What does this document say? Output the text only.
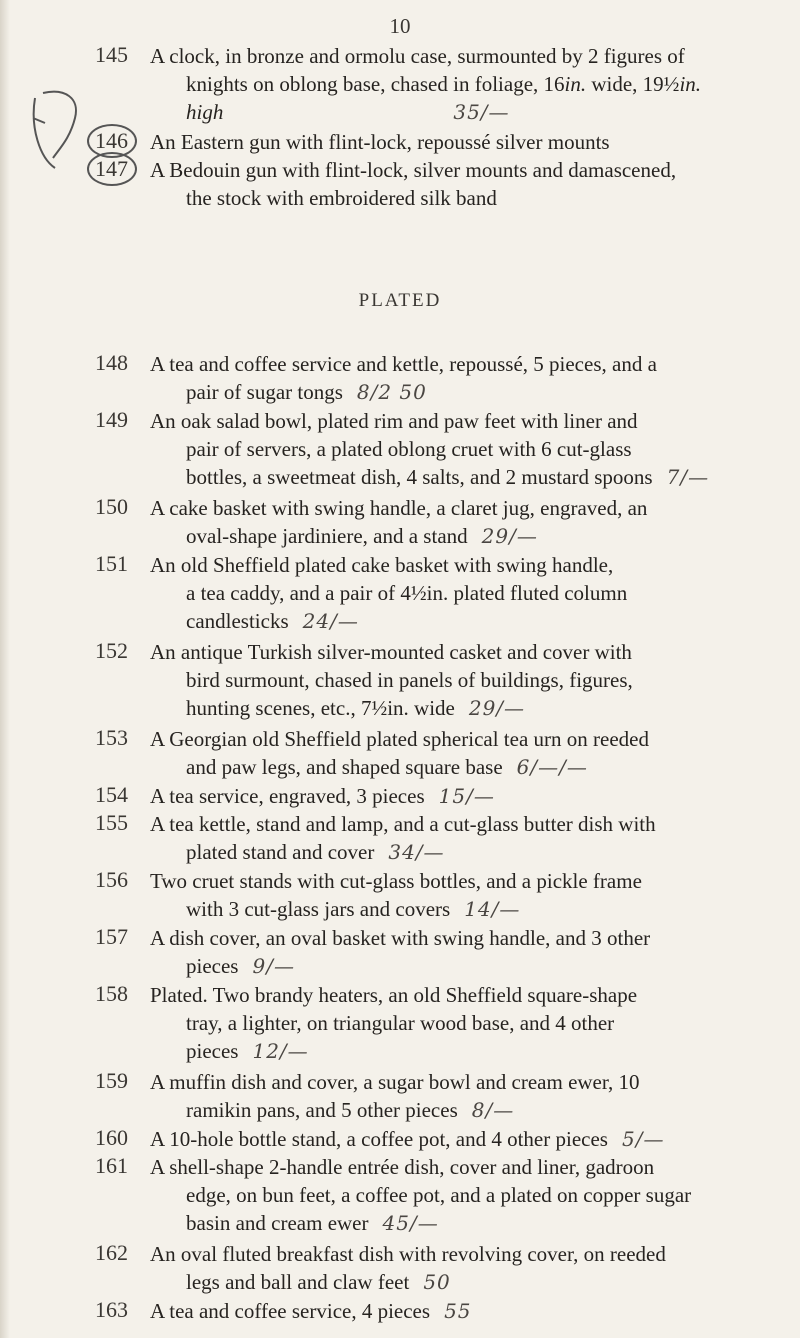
10
145	A clock, in bronze and ormolu case, surmounted by 2 figures of
knights on oblong base, chased in foliage, 16in. wide, 19½in.
high	35/—
146	An Eastern gun with flint-lock, repoussé silver mounts
147	A Bedouin gun with flint-lock, silver mounts and damascened,
the stock with embroidered silk band
PLATED
148	A tea and coffee service and kettle, repoussé, 5 pieces, and a

pair of sugar tongs 8/2 50
149	An oak salad bowl, plated rim and paw feet with liner and

pair of servers, a plated oblong cruet with 6 cut-glass
bottles, a sweetmeat dish, 4 salts, and 2 mustard spoons 7/—
150	A cake basket with swing handle, a claret jug, engraved, an

oval-shape jardiniere, and a stand 29/—
151	An old Sheffield plated cake basket with swing handle,

a tea caddy, and a pair of 4½in. plated fluted column
candlesticks 24/—
152	An antique Turkish silver-mounted casket and cover with

bird surmount, chased in panels of buildings, figures,
hunting scenes, etc., 7½in. wide 29/—
153	A Georgian old Sheffield plated spherical tea urn on reeded

and paw legs, and shaped square base 6/—/—
154	A tea service, engraved, 3 pieces 15/—
155	A tea kettle, stand and lamp, and a cut-glass butter dish with

plated stand and cover 34/—
156	Two cruet stands with cut-glass bottles, and a pickle frame

with 3 cut-glass jars and covers 14/—
157	A dish cover, an oval basket with swing handle, and 3 other

pieces 9/—
158	Plated. Two brandy heaters, an old Sheffield square-shape

tray, a lighter, on triangular wood base, and 4 other
pieces 12/—
159	A muffin dish and cover, a sugar bowl and cream ewer, 10

ramikin pans, and 5 other pieces 8/—
160	A 10-hole bottle stand, a coffee pot, and 4 other pieces 5/—
161	A shell-shape 2-handle entrée dish, cover and liner, gadroon

edge, on bun feet, a coffee pot, and a plated on copper sugar
basin and cream ewer 45/—
162	An oval fluted breakfast dish with revolving cover, on reeded

legs and ball and claw feet 50
163	A tea and coffee service, 4 pieces 55
